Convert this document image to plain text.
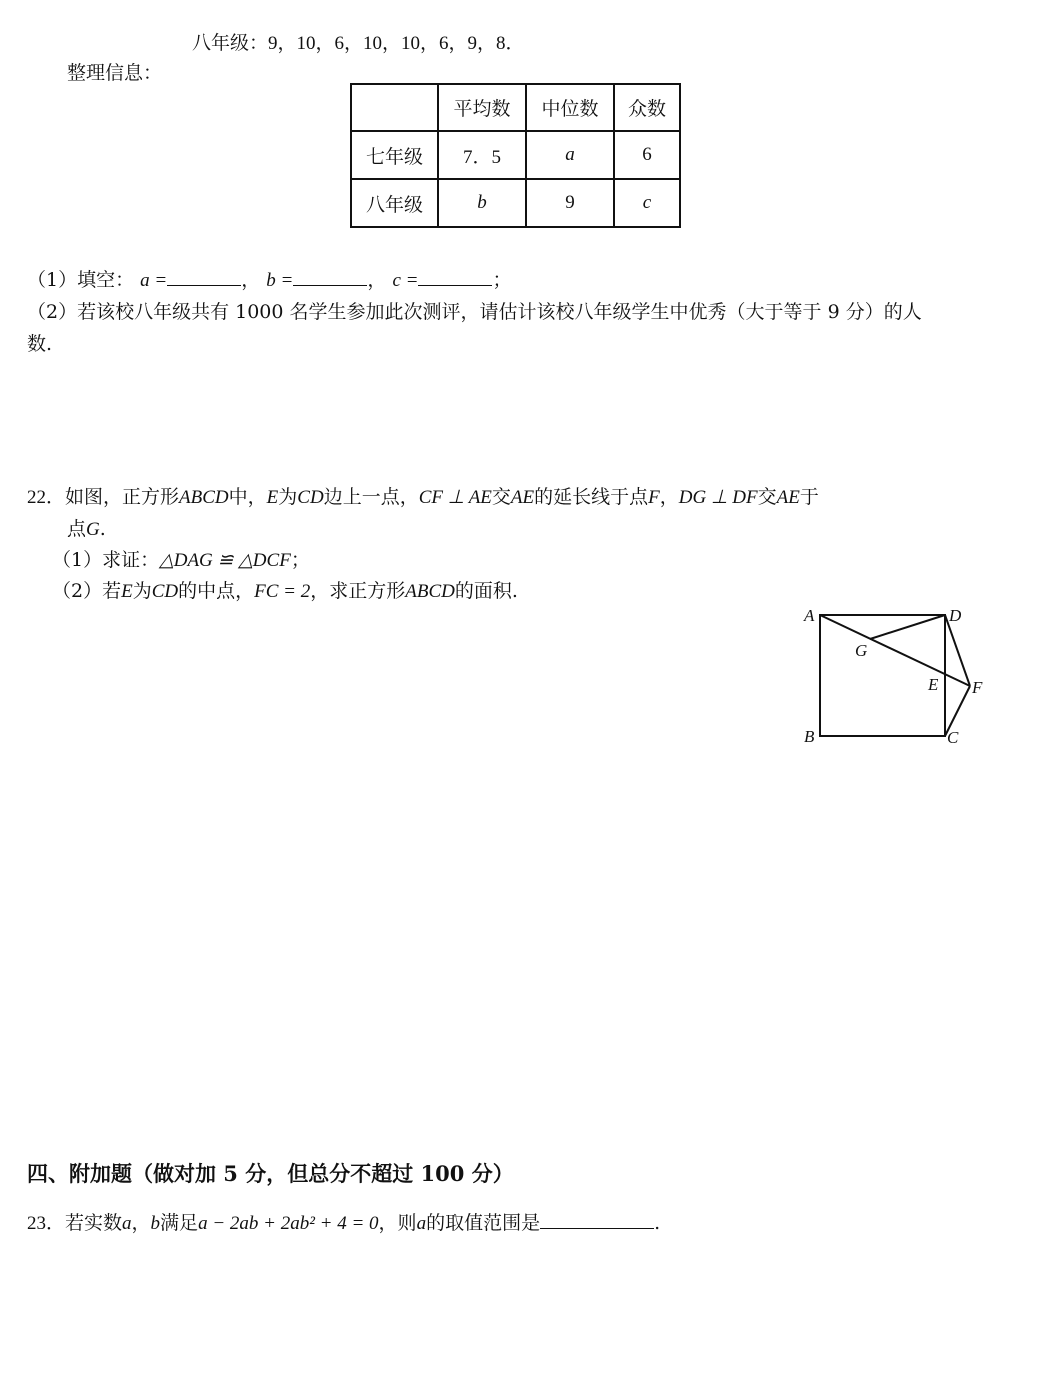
八年级：9，10，6，10，10，6，9，8．
整理信息：
	平均数	中位数	众数
七年级	7．5	a	6
八年级	b	9	c
（1）填空： a =	， b =	， c =	；
（2）若该校八年级共有 1000 名学生参加此次测评，请估计该校八年级学生中优秀（大于等于 9 分）的人
数.
22．如图，正方形ABCD中，E为CD边上一点，CF ⊥ AE交AE的延长线于点F，DG ⊥ DF交AE于
点G.
（1）求证：△DAG ≌ △DCF；
（2）若E为CD的中点，FC = 2，求正方形ABCD的面积.
A	D
G
E F
B	C
四、附加题（做对加 5 分，但总分不超过 100 分）
23．若实数a，b满足a − 2ab + 2ab² + 4 = 0，则a的取值范围是	.
